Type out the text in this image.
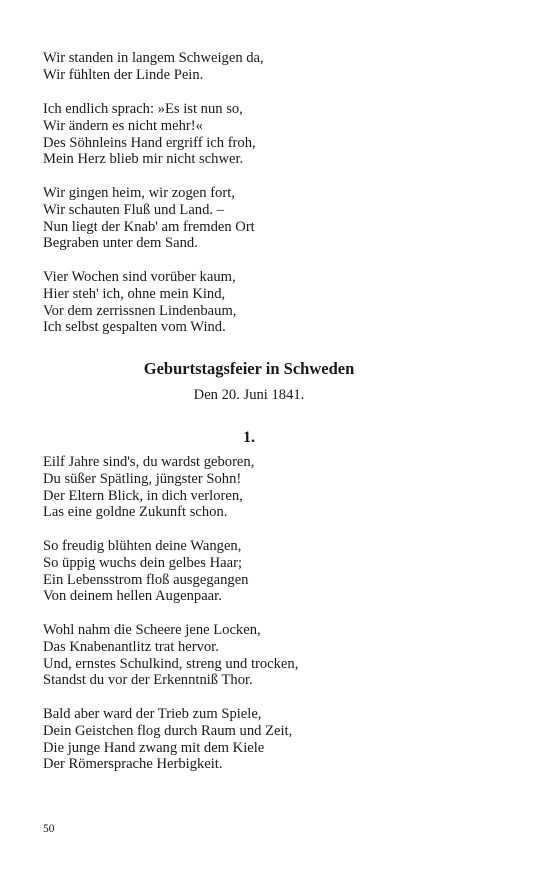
Wir standen in langem Schweigen da,
Wir fühlten der Linde Pein.
Ich endlich sprach: »Es ist nun so,
Wir ändern es nicht mehr!«
Des Söhnleins Hand ergriff ich froh,
Mein Herz blieb mir nicht schwer.
Wir gingen heim, wir zogen fort,
Wir schauten Fluß und Land. –
Nun liegt der Knab' am fremden Ort
Begraben unter dem Sand.
Vier Wochen sind vorüber kaum,
Hier steh' ich, ohne mein Kind,
Vor dem zerrissnen Lindenbaum,
Ich selbst gespalten vom Wind.
Geburtstagsfeier in Schweden
Den 20. Juni 1841.
1.
Eilf Jahre sind's, du wardst geboren,
Du süßer Spätling, jüngster Sohn!
Der Eltern Blick, in dich verloren,
Las eine goldne Zukunft schon.
So freudig blühten deine Wangen,
So üppig wuchs dein gelbes Haar;
Ein Lebensstrom floß ausgegangen
Von deinem hellen Augenpaar.
Wohl nahm die Scheere jene Locken,
Das Knabenantlitz trat hervor.
Und, ernstes Schulkind, streng und trocken,
Standst du vor der Erkenntniß Thor.
Bald aber ward der Trieb zum Spiele,
Dein Geistchen flog durch Raum und Zeit,
Die junge Hand zwang mit dem Kiele
Der Römersprache Herbigkeit.
50
